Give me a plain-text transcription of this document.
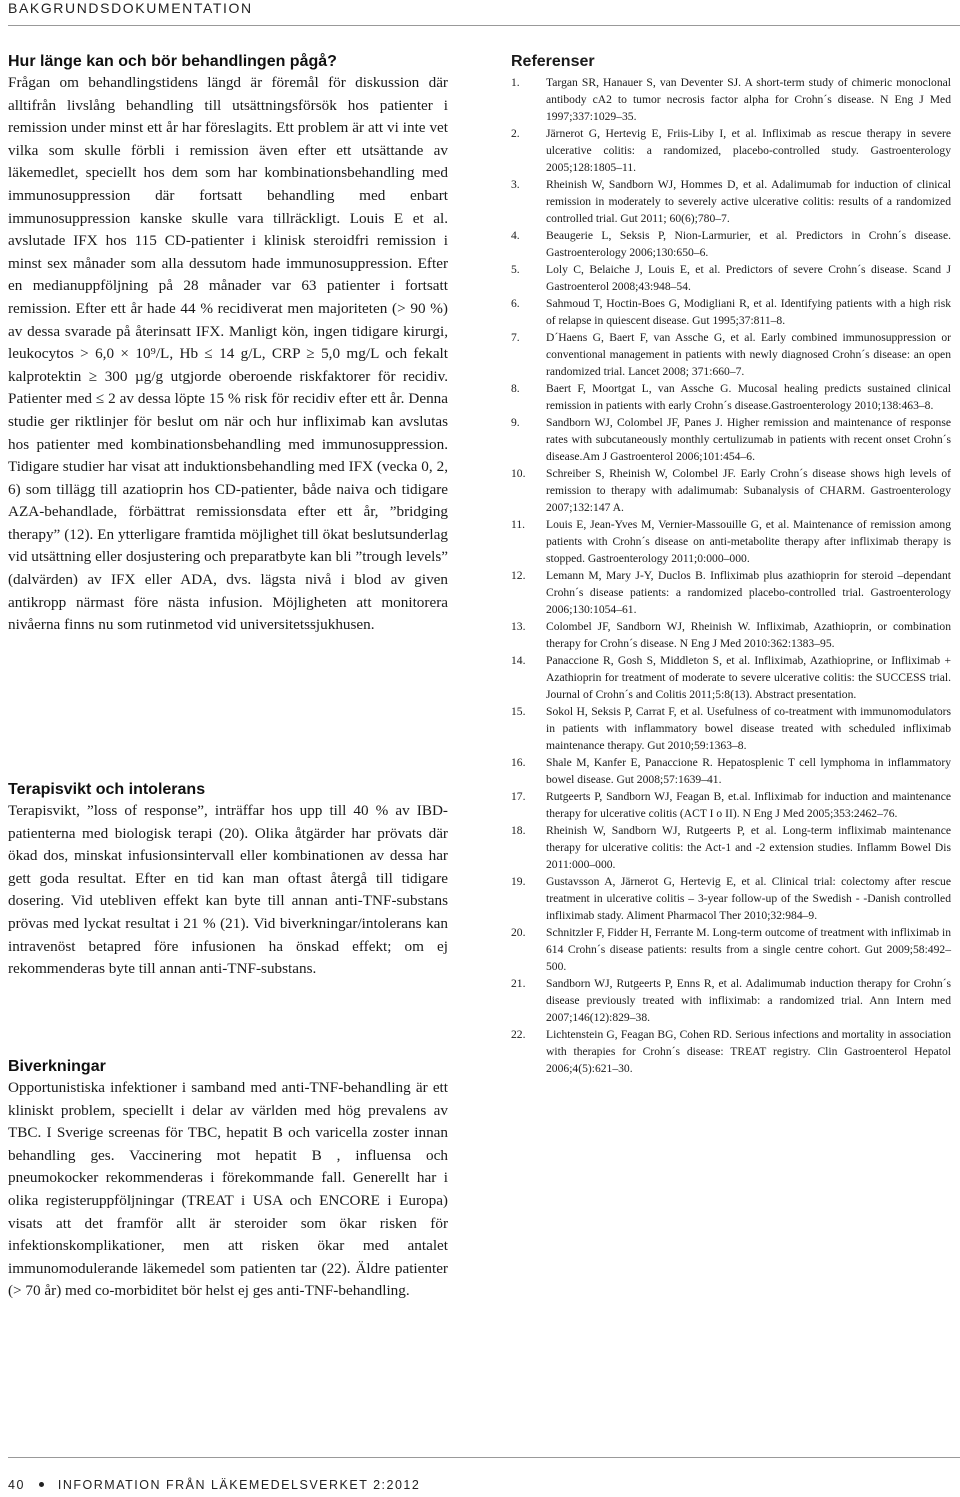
BAKGRUNDSDOKUMENTATION
Hur länge kan och bör behandlingen pågå?

Frågan om behandlingstidens längd är föremål för diskussion där alltifrån livslång behandling till utsättningsförsök hos patienter i remission under minst ett år har föreslagits. Ett problem är att vi inte vet vilka som skulle förbli i remission även efter ett utsättande av läkemedlet, speciellt hos dem som har kombinationsbehandling med immunosuppression där fortsatt behandling med enbart immunosuppression kanske skulle vara tillräckligt. Louis E et al. avslutade IFX hos 115 CD-patienter i klinisk steroidfri remission i minst sex månader som alla dessutom hade immunosuppression. Efter en medianuppföljning på 28 månader var 63 patienter i fortsatt remission. Efter ett år hade 44 % recidiverat men majoriteten (> 90 %) av dessa svarade på återinsatt IFX. Manligt kön, ingen tidigare kirurgi, leukocytos > 6,0 × 10⁹/L, Hb ≤ 14 g/L, CRP ≥ 5,0 mg/L och fekalt kalprotektin ≥ 300 µg/g utgjorde oberoende riskfaktorer för recidiv. Patienter med ≤ 2 av dessa löpte 15 % risk för recidiv efter ett år. Denna studie ger riktlinjer för beslut om när och hur infliximab kan avslutas hos patienter med kombinationsbehandling med immunosuppression. Tidigare studier har visat att induktionsbehandling med IFX (vecka 0, 2, 6) som tillägg till azatioprin hos CD-patienter, både naiva och tidigare AZA-behandlade, förbättrat remissionsdata efter ett år, ”bridging therapy” (12). En ytterligare framtida möjlighet till ökat beslutsunderlag vid utsättning eller dosjustering och preparatbyte kan bli ”trough levels” (dalvärden) av IFX eller ADA, dvs. lägsta nivå i blod av given antikropp närmast före nästa infusion. Möjligheten att monitorera nivåerna finns nu som rutinmetod vid universitetssjukhusen.

Terapisvikt och intolerans

Terapisvikt, ”loss of response”, inträffar hos upp till 40 % av IBD-patienterna med biologisk terapi (20). Olika åtgärder har prövats där ökad dos, minskat infusionsintervall eller kombinationen av dessa har gett goda resultat. Efter en tid kan man oftast återgå till tidigare dosering. Vid utebliven effekt kan byte till annan anti-TNF-substans prövas med lyckat resultat i 21 % (21). Vid biverkningar/intolerans kan intravenöst betapred före infusionen ha önskad effekt; om ej rekommenderas byte till annan anti-TNF-substans.

Biverkningar

Opportunistiska infektioner i samband med anti-TNF-behandling är ett kliniskt problem, speciellt i delar av världen med hög prevalens av TBC. I Sverige screenas för TBC, hepatit B och varicella zoster innan behandling ges. Vaccinering mot hepatit B , influensa och pneumokocker rekommenderas i förekommande fall. Generellt har i olika registeruppföljningar (TREAT i USA och ENCORE i Europa) visats att det framför allt är steroider som ökar risken för infektionskomplikationer, men att risken ökar med antalet immunomodulerande läkemedel som patienten tar (22). Äldre patienter (> 70 år) med co-morbiditet bör helst ej ges anti-TNF-behandling.

Referenser
1.	Targan SR, Hanauer S, van Deventer SJ. A short-term study of chimeric monoclonal antibody cA2 to tumor necrosis factor alpha for Crohn´s disease. N Eng J Med 1997;337:1029–35.
2.	Järnerot G, Hertevig E, Friis-Liby I, et al. Infliximab as rescue therapy in severe ulcerative colitis: a randomized, placebo-controlled study. Gastroenterology 2005;128:1805–11.
3.	Rheinish W, Sandborn WJ, Hommes D, et al. Adalimumab for induction of clinical remission in moderately to severely active ulcerative colitis: results of a randomized controlled trial. Gut 2011; 60(6);780–7.
4.	Beaugerie L, Seksis P, Nion-Larmurier, et al. Predictors in Crohn´s disease. Gastroenterology 2006;130:650–6.
5.	Loly C, Belaiche J, Louis E, et al. Predictors of severe Crohn´s disease. Scand J Gastroenterol 2008;43:948–54.
6.	Sahmoud T, Hoctin-Boes G, Modigliani R, et al. Identifying patients with a high risk of relapse in quiescent disease. Gut 1995;37:811–8.
7.	D´Haens G, Baert F, van Assche G, et al. Early combined immunosuppression or conventional management in patients with newly diagnosed Crohn´s disease: an open randomized trial. Lancet 2008; 371:660–7.
8.	Baert F, Moortgat L, van Assche G. Mucosal healing predicts sustained clinical remission in patients with early Crohn´s disease.Gastroenterology 2010;138:463–8.
9.	Sandborn WJ, Colombel JF, Panes J. Higher remission and maintenance of response rates with subcutaneously monthly certulizumab in patients with recent onset Crohn´s disease.Am J Gastroenterol 2006;101:454–6.
10.	Schreiber S, Rheinish W, Colombel JF. Early Crohn´s disease shows high levels of remission to therapy with adalimumab: Subanalysis of CHARM. Gastroenterology 2007;132:147 A.
11.	Louis E, Jean-Yves M, Vernier-Massouille G, et al. Maintenance of remission among patients with Crohn´s disease on anti-metabolite therapy after infliximab therapy is stopped. Gastroenterology 2011;0:000–000.
12.	Lemann M, Mary J-Y, Duclos B. Infliximab plus azathioprin for steroid –dependant Crohn´s disease patients: a randomized placebo-controlled trial. Gastroenterology 2006;130:1054–61.
13.	Colombel JF, Sandborn WJ, Rheinish W. Infliximab, Azathioprin, or combination therapy for Crohn´s disease. N Eng J Med 2010:362:1383–95.
14.	Panaccione R, Gosh S, Middleton S, et al. Infliximab, Azathioprine, or Infliximab + Azathioprin for treatment of moderate to severe ulcerative colitis: the SUCCESS trial. Journal of Crohn´s and Colitis 2011;5:8(13). Abstract presentation.
15.	Sokol H, Seksis P, Carrat F, et al. Usefulness of co-treatment with immunomodulators in patients with inflammatory bowel disease treated with scheduled infliximab maintenance therapy. Gut 2010;59:1363–8.
16.	Shale M, Kanfer E, Panaccione R. Hepatosplenic T cell lymphoma in inflammatory bowel disease. Gut 2008;57:1639–41.
17.	Rutgeerts P, Sandborn WJ, Feagan B, et.al. Infliximab for induction and maintenance therapy for ulcerative colitis (ACT I o II). N Eng J Med 2005;353:2462–76.
18.	Rheinish W, Sandborn WJ, Rutgeerts P, et al. Long-term infliximab maintenance therapy for ulcerative colitis: the Act-1 and -2 extension studies. Inflamm Bowel Dis 2011:000–000.
19.	Gustavsson A, Järnerot G, Hertevig E, et al. Clinical trial: colectomy after rescue treatment in ulcerative colitis – 3-year follow-up of the Swedish - -Danish controlled infliximab stady. Aliment Pharmacol Ther 2010;32:984–9.
20.	Schnitzler F, Fidder H, Ferrante M. Long-term outcome of treatment with infliximab in 614 Crohn´s disease patients: results from a single centre cohort. Gut 2009;58:492–500.
21.	Sandborn WJ, Rutgeerts P, Enns R, et al. Adalimumab induction therapy for Crohn´s disease previously treated with infliximab: a randomized trial. Ann Intern med 2007;146(12):829–38.
22.	Lichtenstein G, Feagan BG, Cohen RD. Serious infections and mortality in association with therapies for Crohn´s disease: TREAT registry. Clin Gastroenterol Hepatol 2006;4(5):621–30.
40	INFORMATION FRÅN LÄKEMEDELSVERKET 2:2012
